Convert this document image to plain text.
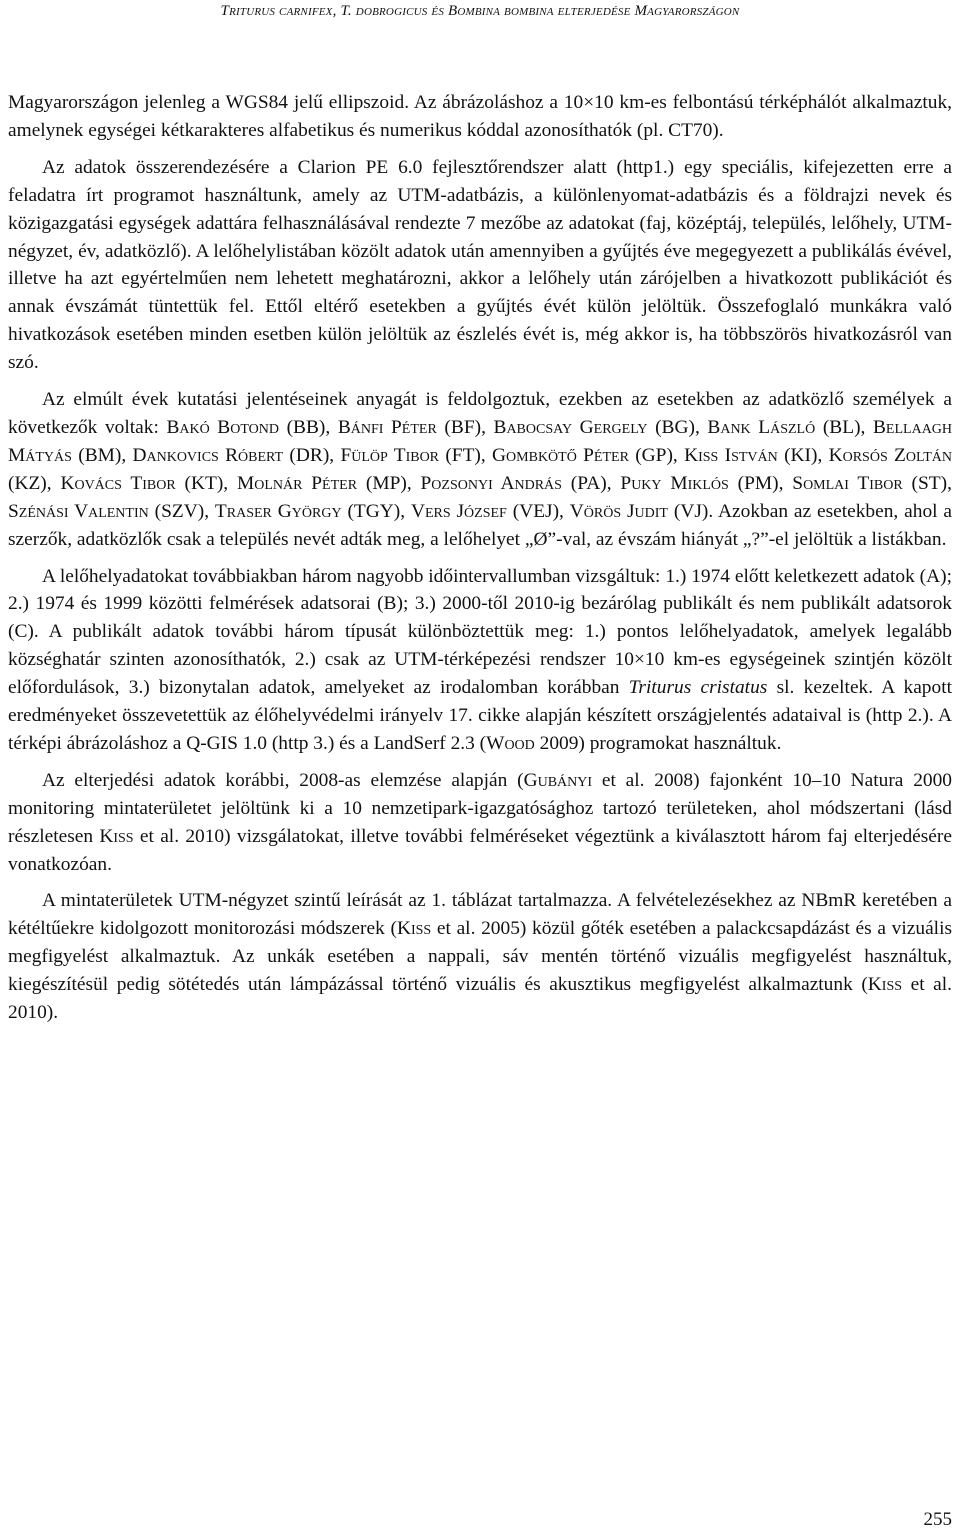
Triturus carnifex, T. dobrogicus és Bombina bombina elterjedése Magyarországon

Magyarországon jelenleg a WGS84 jelű ellipszoid. Az ábrázoláshoz a 10×10 km-es felbontású térképhálót alkalmaztuk, amelynek egységei kétkarakteres alfabetikus és numerikus kóddal azonosíthatók (pl. CT70).

Az adatok összerendezésére a Clarion PE 6.0 fejlesztőrendszer alatt (http1.) egy speciális, kifejezetten erre a feladatra írt programot használtunk, amely az UTM-adatbázis, a különlenyomat-adatbázis és a földrajzi nevek és közigazgatási egységek adattára felhasználásával rendezte 7 mezőbe az adatokat (faj, középtáj, település, lelőhely, UTM-négyzet, év, adatközlő). A lelőhelylistában közölt adatok után amennyiben a gyűjtés éve megegyezett a publikálás évével, illetve ha azt egyértelműen nem lehetett meghatározni, akkor a lelőhely után zárójelben a hivatkozott publikációt és annak évszámát tüntettük fel. Ettől eltérő esetekben a gyűjtés évét külön jelöltük. Összefoglaló munkákra való hivatkozások esetében minden esetben külön jelöltük az észlelés évét is, még akkor is, ha többszörös hivatkozásról van szó.

Az elmúlt évek kutatási jelentéseinek anyagát is feldolgoztuk, ezekben az esetekben az adatközlő személyek a következők voltak: Bakó Botond (BB), Bánfi Péter (BF), Babocsay Gergely (BG), Bank László (BL), Bellaagh Mátyás (BM), Dankovics Róbert (DR), Fülöp Tibor (FT), Gombkötő Péter (GP), Kiss István (KI), Korsós Zoltán (KZ), Kovács Tibor (KT), Molnár Péter (MP), Pozsonyi András (PA), Puky Miklós (PM), Somlai Tibor (ST), Szénási Valentin (SZV), Traser György (TGY), Vers József (VEJ), Vörös Judit (VJ). Azokban az esetekben, ahol a szerzők, adatközlők csak a település nevét adták meg, a lelőhelyet „Ø”-val, az évszám hiányát „?”-el jelöltük a listákban.

A lelőhelyadatokat továbbiakban három nagyobb időintervallumban vizsgáltuk: 1.) 1974 előtt keletkezett adatok (A); 2.) 1974 és 1999 közötti felmérések adatsorai (B); 3.) 2000-től 2010-ig bezárólag publikált és nem publikált adatsorok (C). A publikált adatok további három típusát különböztettük meg: 1.) pontos lelőhelyadatok, amelyek legalább községhatár szinten azonosíthatók, 2.) csak az UTM-térképezési rendszer 10×10 km-es egységeinek szintjén közölt előfordulások, 3.) bizonytalan adatok, amelyeket az irodalomban korábban Triturus cristatus sl. kezeltek. A kapott eredményeket összevetettük az élőhelyvédelmi irányelv 17. cikke alapján készített országjelentés adataival is (http 2.). A térképi ábrázoláshoz a Q-GIS 1.0 (http 3.) és a LandSerf 2.3 (Wood 2009) programokat használtuk.

Az elterjedési adatok korábbi, 2008-as elemzése alapján (Gubányi et al. 2008) fajonként 10–10 Natura 2000 monitoring mintaterületet jelöltünk ki a 10 nemzetipark-igazgatósághoz tartozó területeken, ahol módszertani (lásd részletesen Kiss et al. 2010) vizsgálatokat, illetve további felméréseket végeztünk a kiválasztott három faj elterjedésére vonatkozóan.

A mintaterületek UTM-négyzet szintű leírását az 1. táblázat tartalmazza. A felvételezésekhez az NBmR keretében a kétéltűekre kidolgozott monitorozási módszerek (Kiss et al. 2005) közül gőték esetében a palackcsapdázást és a vizuális megfigyelést alkalmaztuk. Az unkák esetében a nappali, sáv mentén történő vizuális megfigyelést használtuk, kiegészítésül pedig sötétedés után lámpázással történő vizuális és akusztikus megfigyelést alkalmaztunk (Kiss et al. 2010).

255
